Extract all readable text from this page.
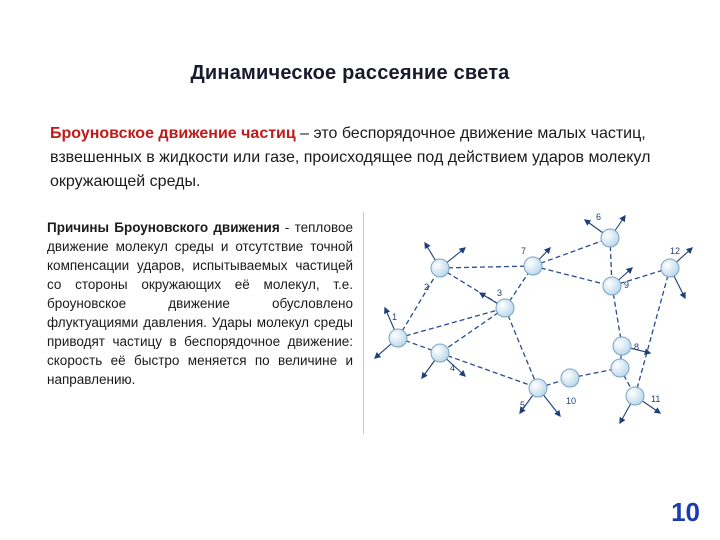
Динамическое рассеяние света
Броуновское движение частиц – это беспорядочное движение малых частиц, взвешенных в жидкости или газе, происходящее под действием ударов молекул окружающей среды.
Причины Броуновского движения - тепловое движение молекул среды и отсутствие точной компенсации ударов, испытываемых частицей со стороны окружающих её молекул, т.е. броуновское движение обусловлено флуктуациями давления. Удары молекул среды приводят частицу в беспорядочное движение: скорость её быстро меняется по величине и направлению.
1
2
3
4
5
6
7
8
9
10	11
12
10
